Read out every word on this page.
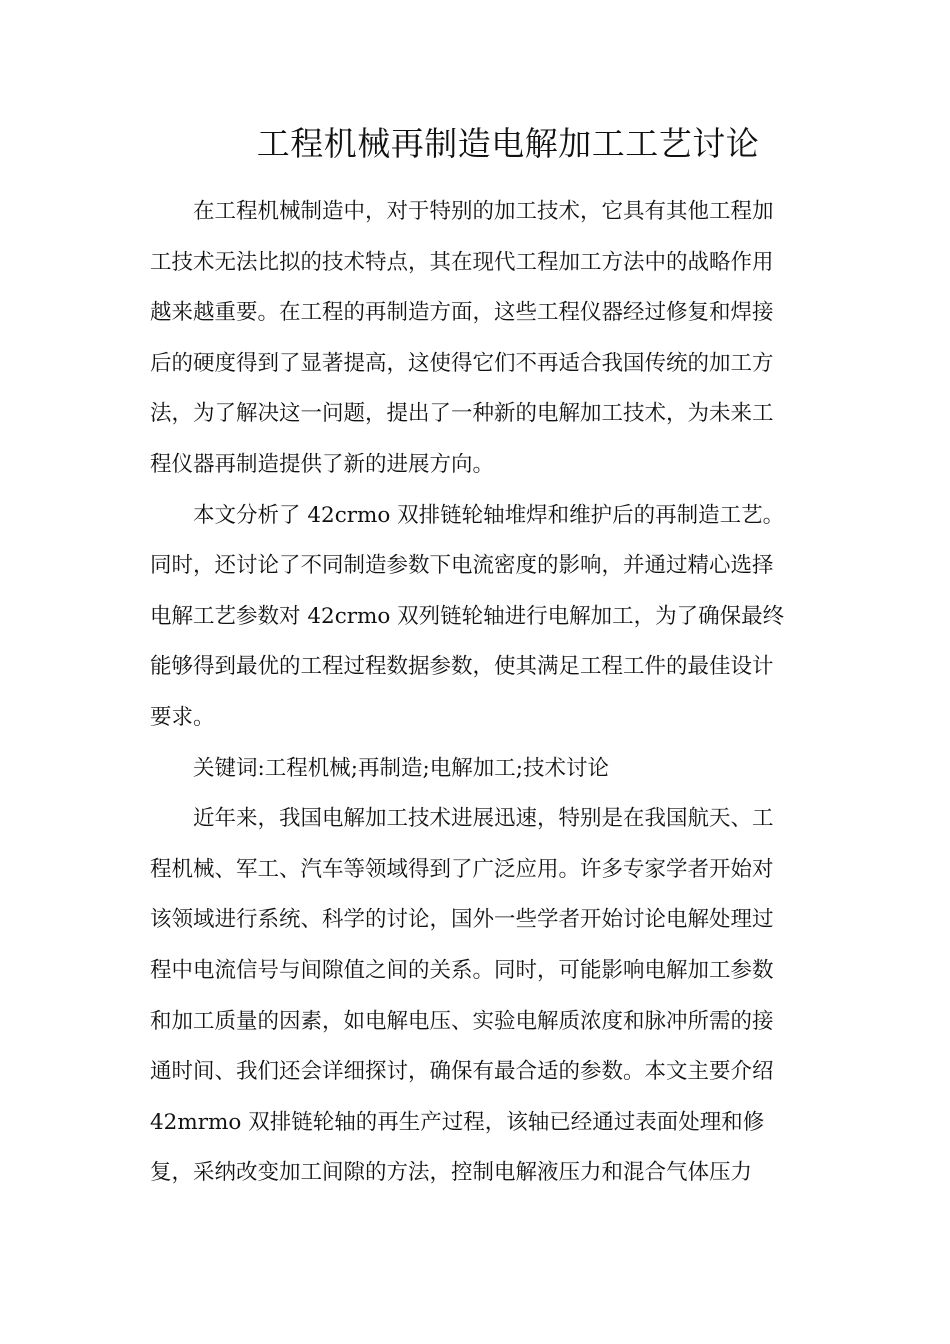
工程机械再制造电解加工工艺讨论
在工程机械制造中，对于特别的加工技术，它具有其他工程加
工技术无法比拟的技术特点，其在现代工程加工方法中的战略作用
越来越重要。在工程的再制造方面，这些工程仪器经过修复和焊接
后的硬度得到了显著提高，这使得它们不再适合我国传统的加工方
法，为了解决这一问题，提出了一种新的电解加工技术，为未来工
程仪器再制造提供了新的进展方向。
本文分析了 42crmo 双排链轮轴堆焊和维护后的再制造工艺。
同时，还讨论了不同制造参数下电流密度的影响，并通过精心选择
电解工艺参数对 42crmo 双列链轮轴进行电解加工，为了确保最终
能够得到最优的工程过程数据参数，使其满足工程工件的最佳设计
要求。
关键词:工程机械;再制造;电解加工;技术讨论
近年来，我国电解加工技术进展迅速，特别是在我国航天、工
程机械、军工、汽车等领域得到了广泛应用。许多专家学者开始对
该领域进行系统、科学的讨论，国外一些学者开始讨论电解处理过
程中电流信号与间隙值之间的关系。同时，可能影响电解加工参数
和加工质量的因素，如电解电压、实验电解质浓度和脉冲所需的接
通时间、我们还会详细探讨，确保有最合适的参数。本文主要介绍
42mrmo 双排链轮轴的再生产过程，该轴已经通过表面处理和修
复，采纳改变加工间隙的方法，控制电解液压力和混合气体压力
